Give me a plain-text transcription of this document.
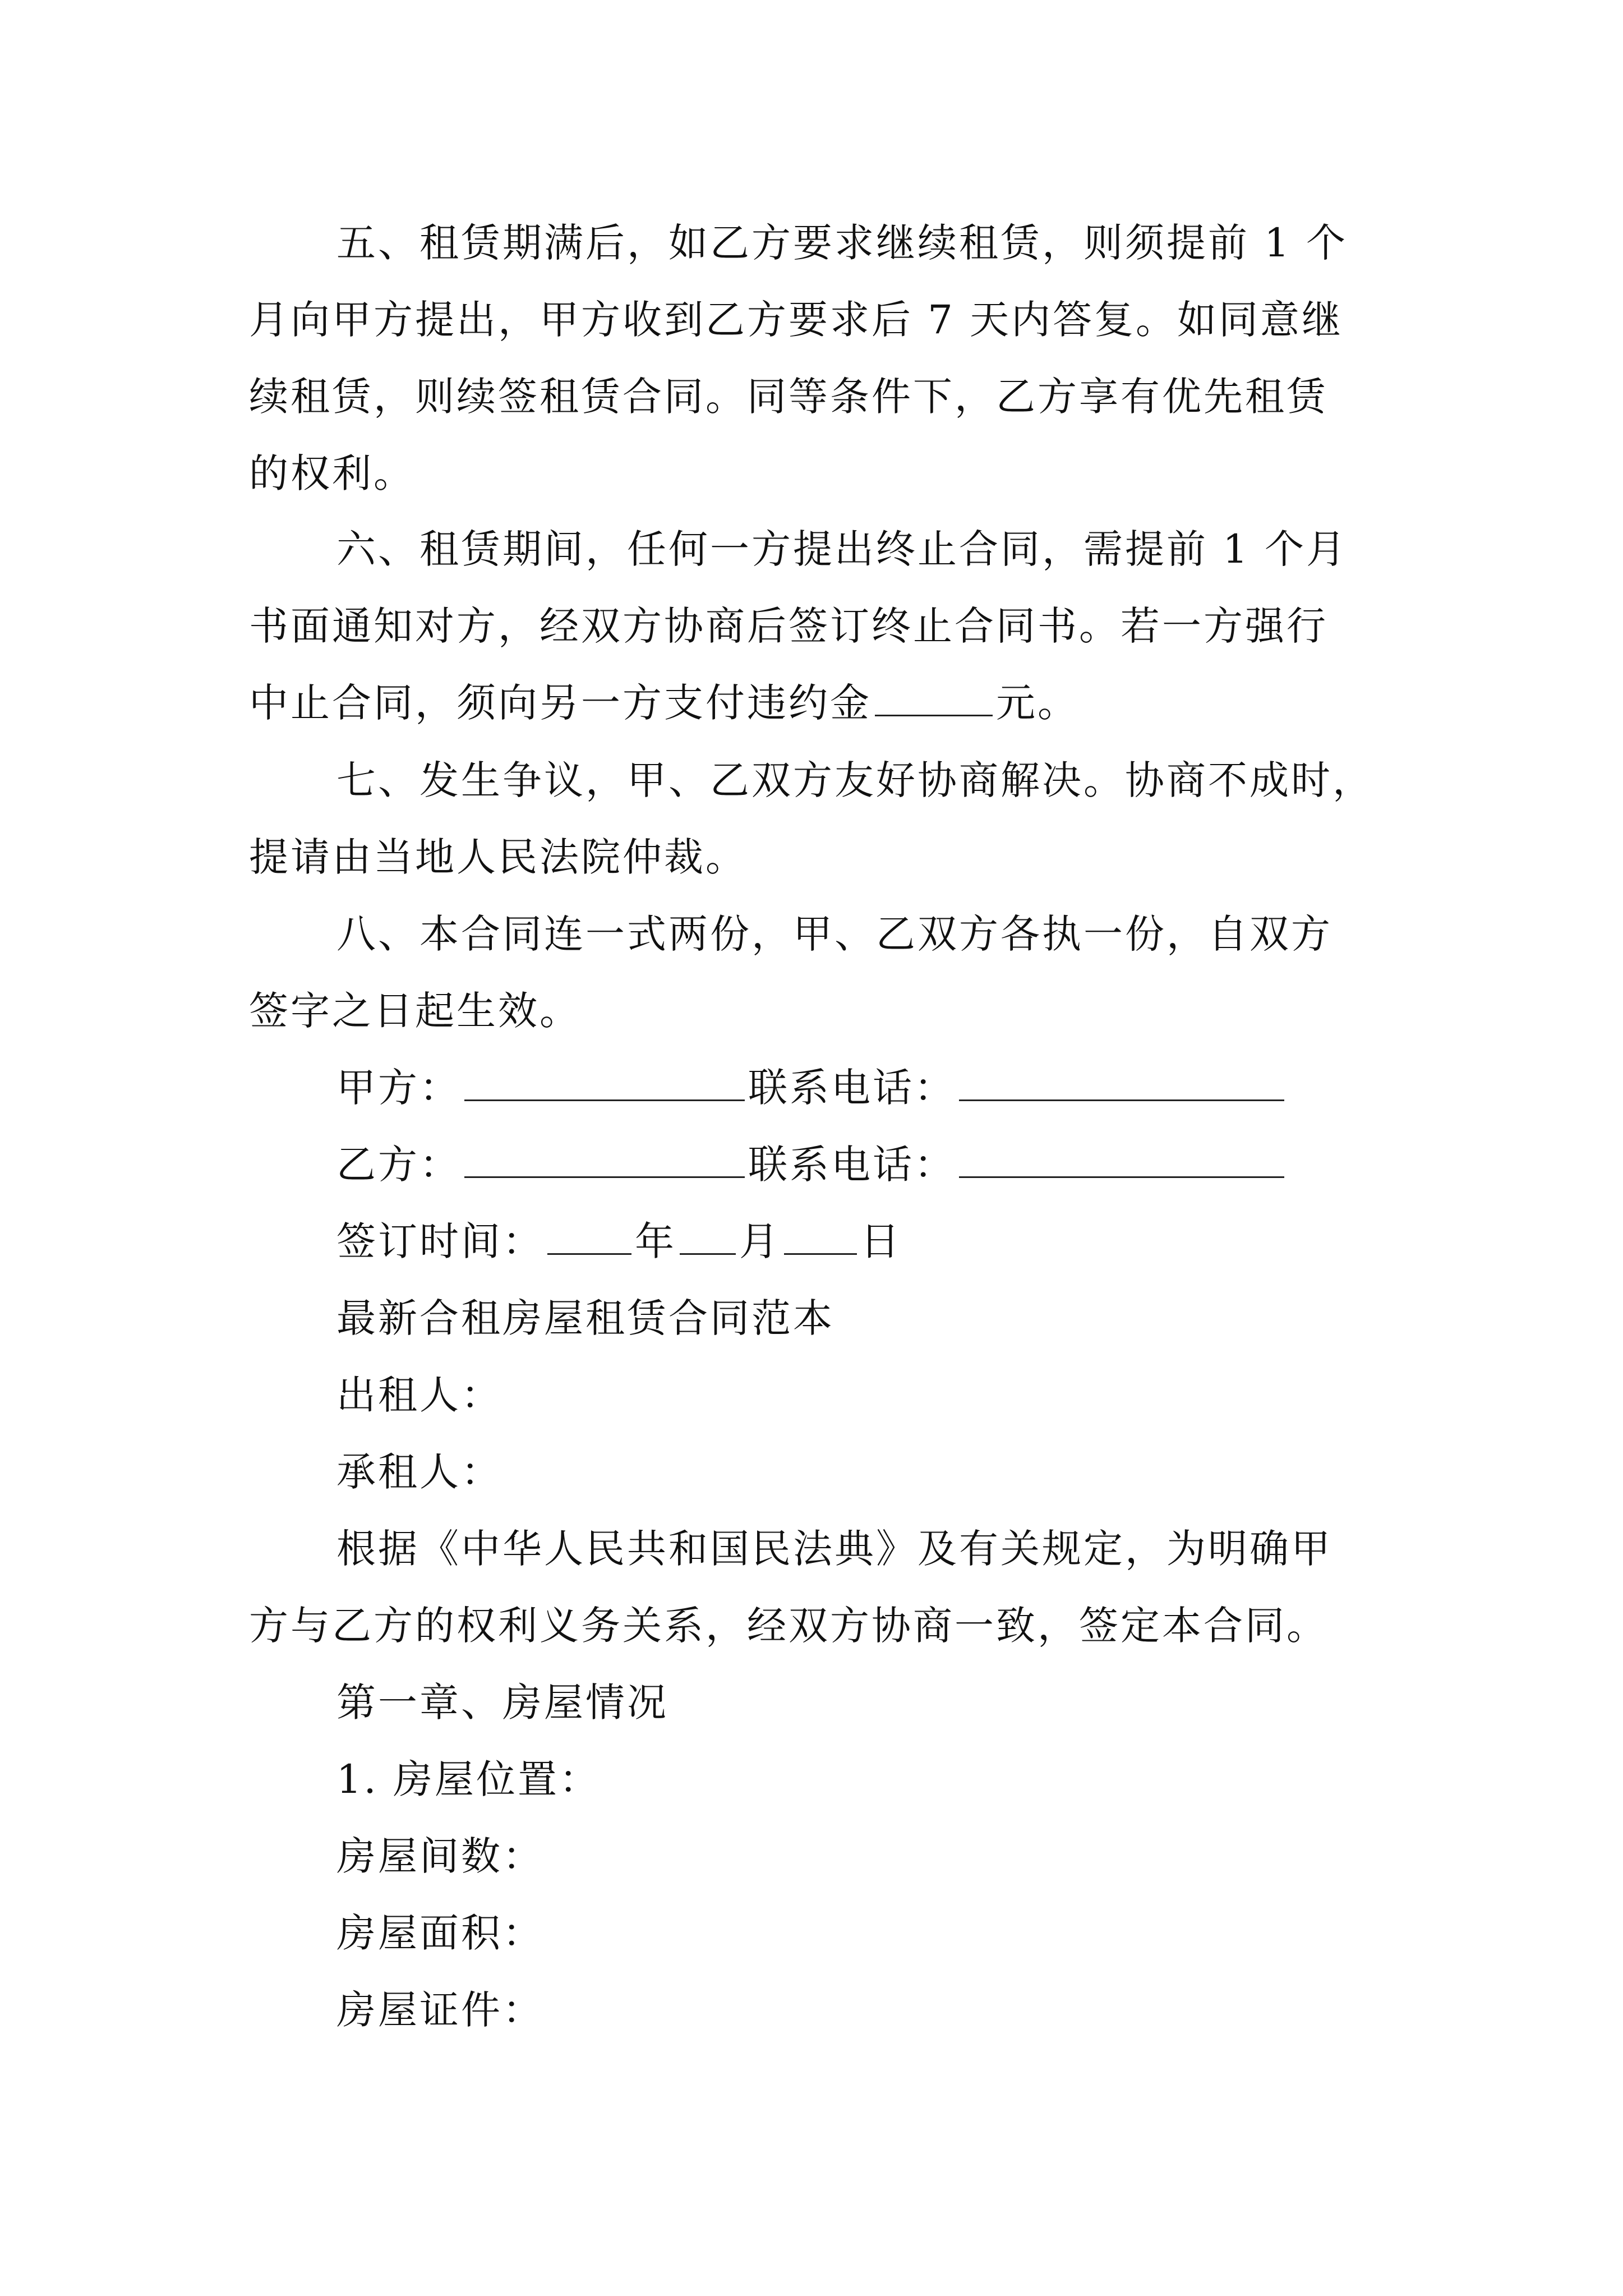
五、租赁期满后，如乙方要求继续租赁，则须提前 1 个
月向甲方提出，甲方收到乙方要求后 7 天内答复。如同意继
续租赁，则续签租赁合同。同等条件下，乙方享有优先租赁
的权利。
六、租赁期间，任何一方提出终止合同，需提前 1 个月
书面通知对方，经双方协商后签订终止合同书。若一方强行
中止合同，须向另一方支付违约金	元。
七、发生争议，甲、乙双方友好协商解决。协商不成时，
提请由当地人民法院仲裁。
八、本合同连一式两份，甲、乙双方各执一份，自双方
签字之日起生效。
甲方：	联系电话：
乙方：	联系电话：
签订时间： 年 月 日
最新合租房屋租赁合同范本
出租人：
承租人：
根据《中华人民共和国民法典》及有关规定，为明确甲
方与乙方的权利义务关系，经双方协商一致，签定本合同。
第一章、房屋情况
1. 房屋位置：
房屋间数：
房屋面积：
房屋证件：
